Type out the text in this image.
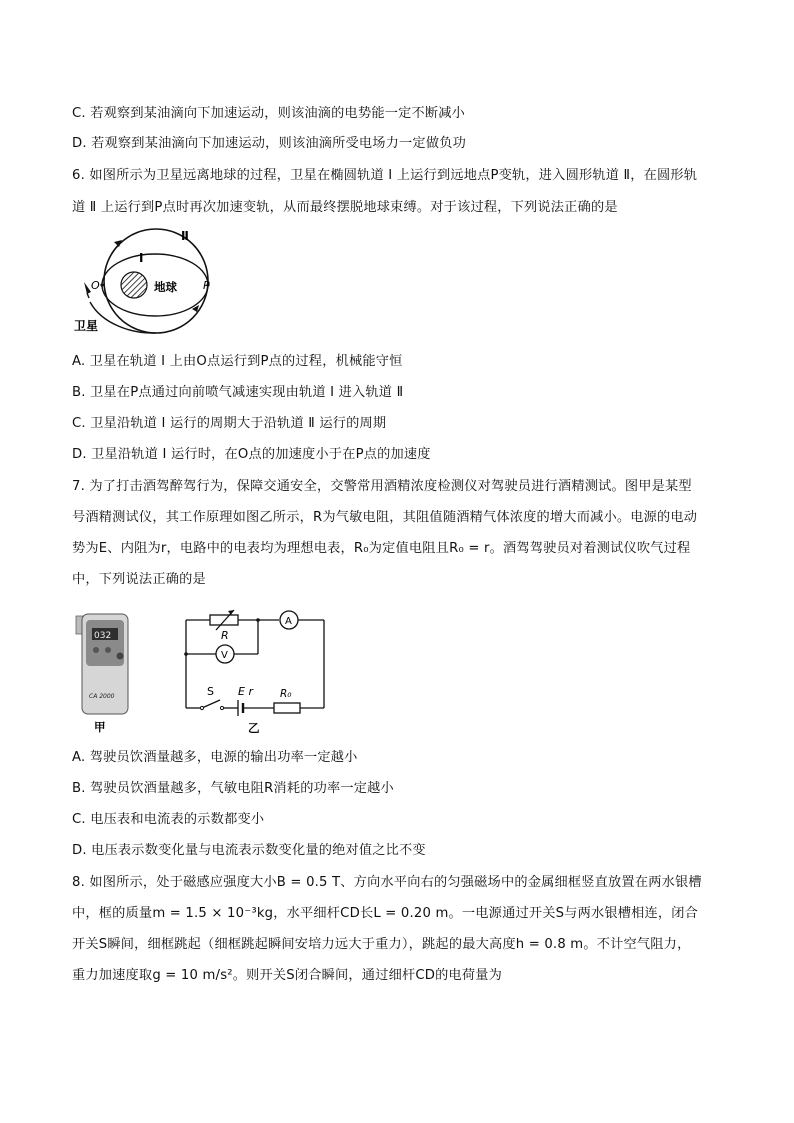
C. 若观察到某油滴向下加速运动，则该油滴的电势能一定不断减小
D. 若观察到某油滴向下加速运动，则该油滴所受电场力一定做负功
6. 如图所示为卫星远离地球的过程，卫星在椭圆轨道 Ⅰ 上运行到远地点P变轨，进入圆形轨道 Ⅱ，在圆形轨
道 Ⅱ 上运行到P点时再次加速变轨，从而最终摆脱地球束缚。对于该过程，下列说法正确的是
Ⅰ
Ⅱ
O	P
地球
卫星
A. 卫星在轨道 Ⅰ 上由O点运行到P点的过程，机械能守恒
B. 卫星在P点通过向前喷气减速实现由轨道 Ⅰ 进入轨道 Ⅱ
C. 卫星沿轨道 Ⅰ 运行的周期大于沿轨道 Ⅱ 运行的周期
D. 卫星沿轨道 Ⅰ 运行时，在O点的加速度小于在P点的加速度
7. 为了打击酒驾醉驾行为，保障交通安全，交警常用酒精浓度检测仪对驾驶员进行酒精测试。图甲是某型
号酒精测试仪，其工作原理如图乙所示，R为气敏电阻，其阻值随酒精气体浓度的增大而减小。电源的电动
势为E、内阻为r，电路中的电表均为理想电表，R₀为定值电阻且R₀ = r。酒驾驾驶员对着测试仪吹气过程
中，下列说法正确的是
032
CA 2000
甲
R
A
V
S E r	R₀
乙
A. 驾驶员饮酒量越多，电源的输出功率一定越小
B. 驾驶员饮酒量越多，气敏电阻R消耗的功率一定越小
C. 电压表和电流表的示数都变小
D. 电压表示数变化量与电流表示数变化量的绝对值之比不变
8. 如图所示，处于磁感应强度大小B = 0.5 T、方向水平向右的匀强磁场中的金属细框竖直放置在两水银槽
中，框的质量m = 1.5 × 10⁻³kg，水平细杆CD长L = 0.20 m。一电源通过开关S与两水银槽相连，闭合
开关S瞬间，细框跳起（细框跳起瞬间安培力远大于重力），跳起的最大高度h = 0.8 m。不计空气阻力，
重力加速度取g = 10 m/s²。则开关S闭合瞬间，通过细杆CD的电荷量为
